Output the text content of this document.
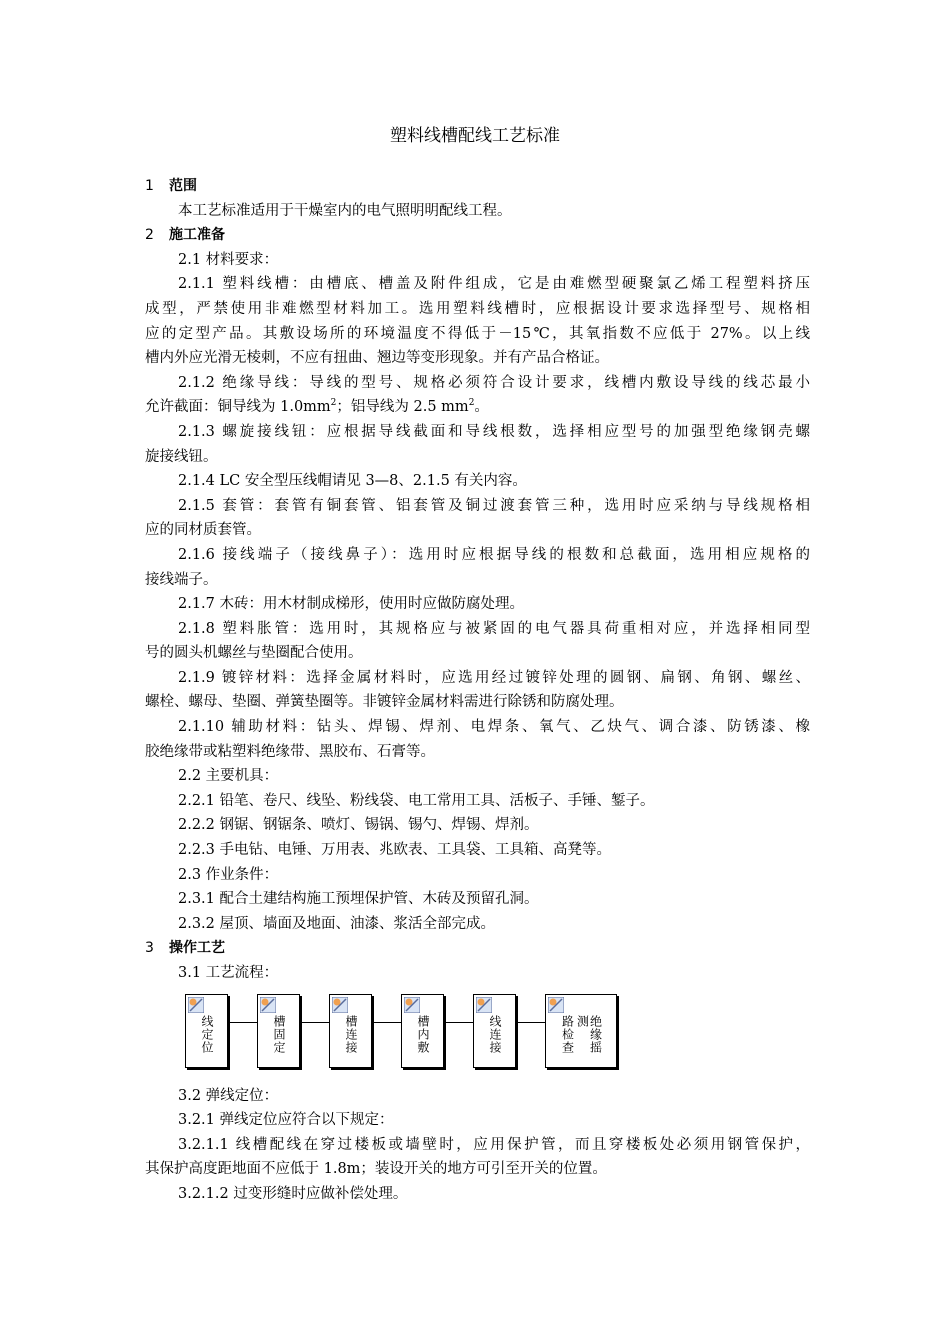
塑料线槽配线工艺标准
1 范围
本工艺标准适用于干燥室内的电气照明明配线工程。
2 施工准备
2.1 材料要求：
2.1.1 塑料线槽：由槽底、槽盖及附件组成，它是由难燃型硬聚氯乙烯工程塑料挤压
成型，严禁使用非难燃型材料加工。选用塑料线槽时，应根据设计要求选择型号、规格相
应的定型产品。其敷设场所的环境温度不得低于－15℃，其氧指数不应低于 27%。以上线
槽内外应光滑无棱刺，不应有扭曲、翘边等变形现象。并有产品合格证。
2.1.2 绝缘导线：导线的型号、规格必须符合设计要求，线槽内敷设导线的线芯最小
允许截面：铜导线为 $1.0mm^2$；铝导线为 2.5 $mm^2$。
2.1.3 螺旋接线钮：应根据导线截面和导线根数，选择相应型号的加强型绝缘钢壳螺
旋接线钮。
2.1.4 LC 安全型压线帽请见 3—8、2.1.5 有关内容。
2.1.5 套管：套管有铜套管、铝套管及铜过渡套管三种，选用时应采纳与导线规格相
应的同材质套管。
2.1.6 接线端子（接线鼻子）：选用时应根据导线的根数和总截面，选用相应规格的
接线端子。
2.1.7 木砖：用木材制成梯形，使用时应做防腐处理。
2.1.8 塑料胀管：选用时，其规格应与被紧固的电气器具荷重相对应，并选择相同型
号的圆头机螺丝与垫圈配合使用。
2.1.9 镀锌材料：选择金属材料时，应选用经过镀锌处理的圆钢、扁钢、角钢、螺丝、
螺栓、螺母、垫圈、弹簧垫圈等。非镀锌金属材料需进行除锈和防腐处理。
2.1.10 辅助材料：钻头、焊锡、焊剂、电焊条、氧气、乙炔气、调合漆、防锈漆、橡
胶绝缘带或粘塑料绝缘带、黑胶布、石膏等。
2.2 主要机具：
2.2.1 铅笔、卷尺、线坠、粉线袋、电工常用工具、活板子、手锤、錾子。
2.2.2 钢锯、钢锯条、喷灯、锡锅、锡勺、焊锡、焊剂。
2.2.3 手电钻、电锤、万用表、兆欧表、工具袋、工具箱、高凳等。
2.3 作业条件：
2.3.1 配合土建结构施工预埋保护管、木砖及预留孔洞。
2.3.2 屋顶、墙面及地面、油漆、浆活全部完成。
3 操作工艺
3.1 工艺流程：
线定位	槽固定	槽连接	槽内敷	线连接	路检查	绝缘摇测
3.2 弹线定位：
3.2.1 弹线定位应符合以下规定：
3.2.1.1 线槽配线在穿过楼板或墙壁时，应用保护管，而且穿楼板处必须用钢管保护，
其保护高度距地面不应低于 1.8m；装设开关的地方可引至开关的位置。
3.2.1.2 过变形缝时应做补偿处理。
